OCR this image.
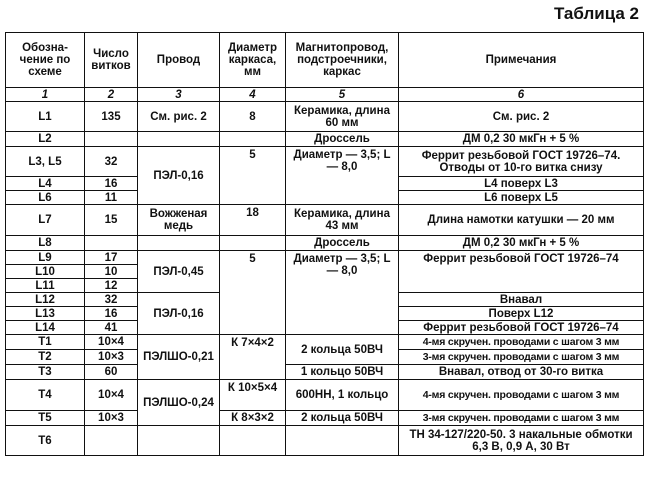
Таблица 2
Обозна-чение по схеме	Число витков	Провод	Диаметр каркаса, мм	Магнитопровод, подстроечники, каркас	Примечания
1	2	3	4	5	6
L1	135	См. рис. 2	8	Керамика, длина 60 мм	См. рис. 2
L2				Дроссель	ДМ 0,2 30 мкГн + 5 %
L3, L5	32	ПЭЛ-0,16	5	Диаметр — 3,5; L — 8,0	Феррит резьбовой ГОСТ 19726–74. Отводы от 10-го витка снизу
L4	16				L4 поверх L3
L6	11				L6 поверх L5
L7	15	Вожженая медь	18	Керамика, длина 43 мм	Длина намотки катушки — 20 мм
L8				Дроссель	ДМ 0,2 30 мкГн + 5 %
L9	17	ПЭЛ-0,45	5	Диаметр — 3,5; L — 8,0	Феррит резьбовой ГОСТ 19726–74
L10	10				
L11	12				
L12	32	ПЭЛ-0,16			Внавал
L13	16				Поверх L12
L14	41				Феррит резьбовой ГОСТ 19726–74
T1	10×4	ПЭЛШО-0,21	К 7×4×2	2 кольца 50ВЧ	4-мя скручен. проводами с шагом 3 мм
T2	10×3				3-мя скручен. проводами с шагом 3 мм
T3	60			1 кольцо 50ВЧ	Внавал, отвод от 30-го витка
T4	10×4	ПЭЛШО-0,24	К 10×5×4	600НН, 1 кольцо	4-мя скручен. проводами с шагом 3 мм
T5	10×3		К 8×3×2	2 кольца 50ВЧ	3-мя скручен. проводами с шагом 3 мм
T6					ТН 34-127/220-50. 3 накальные обмотки 6,3 В, 0,9 А, 30 Вт
